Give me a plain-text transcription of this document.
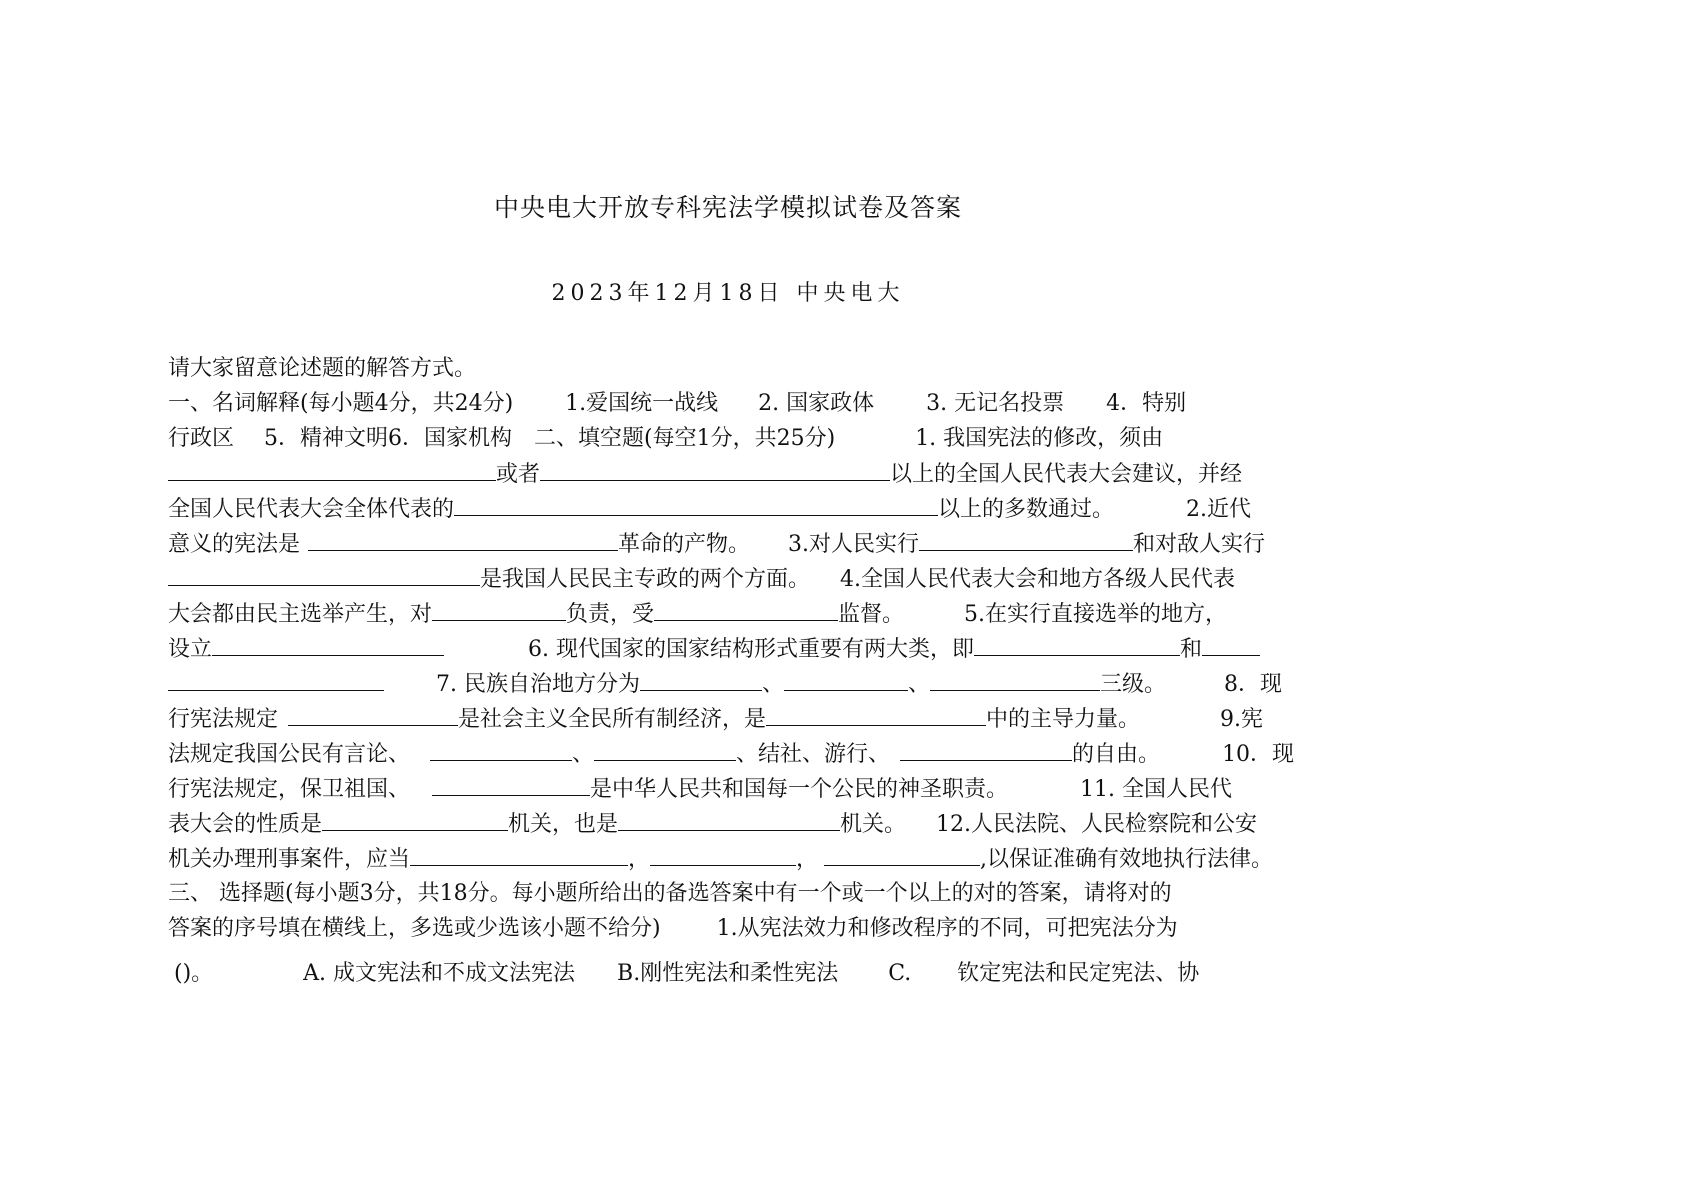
中央电大开放专科宪法学模拟试卷及答案
2023年12月18日 中央电大
请大家留意论述题的解答方式。
一、名词解释(每小题4分，共24分) 1.爱国统一战线 2. 国家政体 3. 无记名投票 4．特别
行政区 5．精神文明6．国家机构 二、填空题(每空1分，共25分)	1. 我国宪法的修改，须由
或者	以上的全国人民代表大会建议，并经
全国人民代表大会全体代表的	以上的多数通过。	2.近代
意义的宪法是	革命的产物。 3.对人民实行	和对敌人实行
是我国人民民主专政的两个方面。 4.全国人民代表大会和地方各级人民代表
大会都由民主选举产生，对	负责，受	监督。	5.在实行直接选举的地方，
设立	6. 现代国家的国家结构形式重要有两大类，即	和
7. 民族自治地方分为	、	、	三级。	8．现
行宪法规定	是社会主义全民所有制经济，是	中的主导力量。	9.宪
法规定我国公民有言论、	、	、结社、游行、	的自由。	10．现
行宪法规定，保卫祖国、	是中华人民共和国每一个公民的神圣职责。	11. 全国人民代
表大会的性质是	机关，也是	机关。 12.人民法院、人民检察院和公安
机关办理刑事案件，应当	，	，	,以保证准确有效地执行法律。
三、 选择题(每小题3分，共18分。每小题所给出的备选答案中有一个或一个以上的对的答案，请将对的
答案的序号填在横线上，多选或少选该小题不给分)	1.从宪法效力和修改程序的不同，可把宪法分为
()。	A. 成文宪法和不成文法宪法 B.刚性宪法和柔性宪法 C. 钦定宪法和民定宪法、协
